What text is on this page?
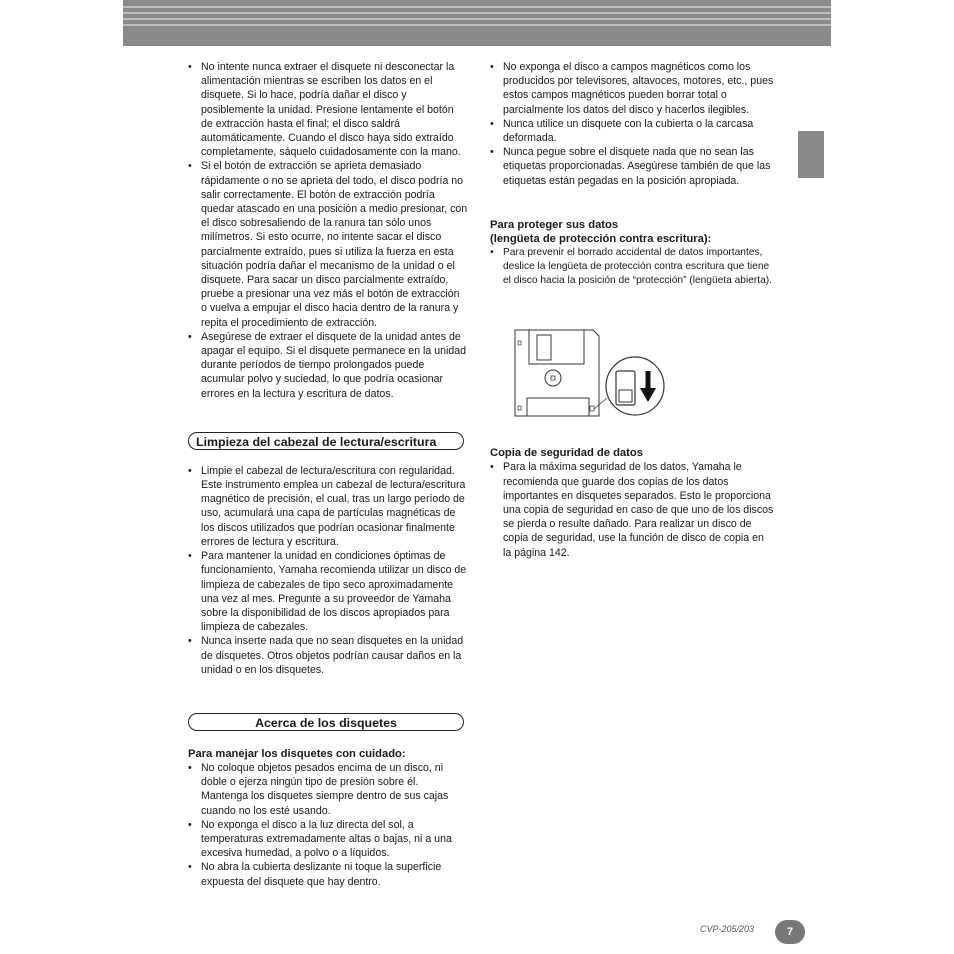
• No intente nunca extraer el disquete ni desconectar la alimentación mientras se escriben los datos en el disquete. Si lo hace, podría dañar el disco y posiblemente la unidad. Presione lentamente el botón de extracción hasta el final; el disco saldrá automáticamente. Cuando el disco haya sido extraído completamente, sáquelo cuidadosamente con la mano.
• Si el botón de extracción se aprieta demasiado rápidamente o no se aprieta del todo, el disco podría no salir correctamente. El botón de extracción podría quedar atascado en una posición a medio presionar, con el disco sobresaliendo de la ranura tan sólo unos milímetros. Si esto ocurre, no intente sacar el disco parcialmente extraído, pues si utiliza la fuerza en esta situación podría dañar el mecanismo de la unidad o el disquete. Para sacar un disco parcialmente extraído, pruebe a presionar una vez más el botón de extracción o vuelva a empujar el disco hacia dentro de la ranura y repita el procedimiento de extracción.
• Asegúrese de extraer el disquete de la unidad antes de apagar el equipo. Si el disquete permanece en la unidad durante períodos de tiempo prolongados puede acumular polvo y suciedad, lo que podría ocasionar errores en la lectura y escritura de datos.
Limpieza del cabezal de lectura/escritura
• Limpie el cabezal de lectura/escritura con regularidad. Este instrumento emplea un cabezal de lectura/escritura magnético de precisión, el cual, tras un largo período de uso, acumulará una capa de partículas magnéticas de los discos utilizados que podrían ocasionar finalmente errores de lectura y escritura.
• Para mantener la unidad en condiciones óptimas de funcionamiento, Yamaha recomienda utilizar un disco de limpieza de cabezales de tipo seco aproximadamente una vez al mes. Pregunte a su proveedor de Yamaha sobre la disponibilidad de los discos apropiados para limpieza de cabezales.
• Nunca inserte nada que no sean disquetes en la unidad de disquetes. Otros objetos podrían causar daños en la unidad o en los disquetes.
Acerca de los disquetes
Para manejar los disquetes con cuidado:
• No coloque objetos pesados encima de un disco, ni doble o ejerza ningún tipo de presión sobre él. Mantenga los disquetes siempre dentro de sus cajas cuando no los esté usando.
• No exponga el disco a la luz directa del sol, a temperaturas extremadamente altas o bajas, ni a una excesiva humedad, a polvo o a líquidos.
• No abra la cubierta deslizante ni toque la superficie expuesta del disquete que hay dentro.
• No exponga el disco a campos magnéticos como los producidos por televisores, altavoces, motores, etc., pues estos campos magnéticos pueden borrar total o parcialmente los datos del disco y hacerlos ilegibles.
• Nunca utilice un disquete con la cubierta o la carcasa deformada.
• Nunca pegue sobre el disquete nada que no sean las etiquetas proporcionadas. Asegúrese también de que las etiquetas están pegadas en la posición apropiada.
Para proteger sus datos
(lengüeta de protección contra escritura):
• Para prevenir el borrado accidental de datos importantes, deslice la lengüeta de protección contra escritura que tiene el disco hacia la posición de “protección” (lengüeta abierta).
Copia de seguridad de datos
• Para la máxima seguridad de los datos, Yamaha le recomienda que guarde dos copias de los datos importantes en disquetes separados. Esto le proporciona una copia de seguridad en caso de que uno de los discos se pierda o resulte dañado. Para realizar un disco de copia de seguridad, use la función de disco de copia en la página 142.
CVP-205/203	7
